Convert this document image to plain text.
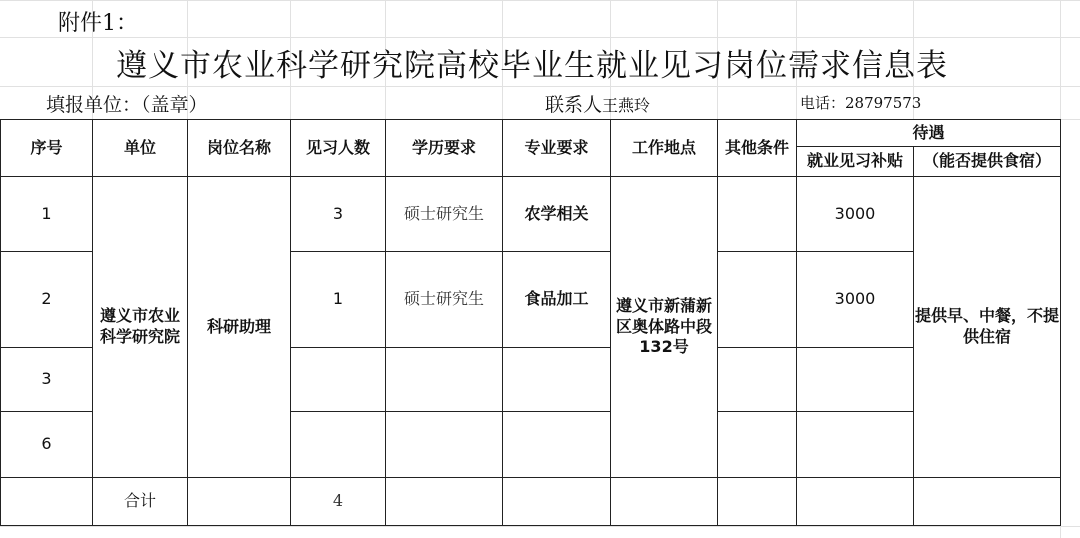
附件1：
遵义市农业科学研究院高校毕业生就业见习岗位需求信息表
填报单位：（盖章）	联系人王燕玲	电话：28797573
序号	单位	岗位名称	见习人数	学历要求	专业要求	工作地点	其他条件	待遇	
								就业见习补贴	（能否提供食宿）
1	遵义市农业科学研究院	科研助理	3	硕士研究生	农学相关	遵义市新蒲新区奥体路中段132号		3000	提供早、中餐，不提供住宿
2			1	硕士研究生	食品加工			3000	
3									
6									
	合计		4						
